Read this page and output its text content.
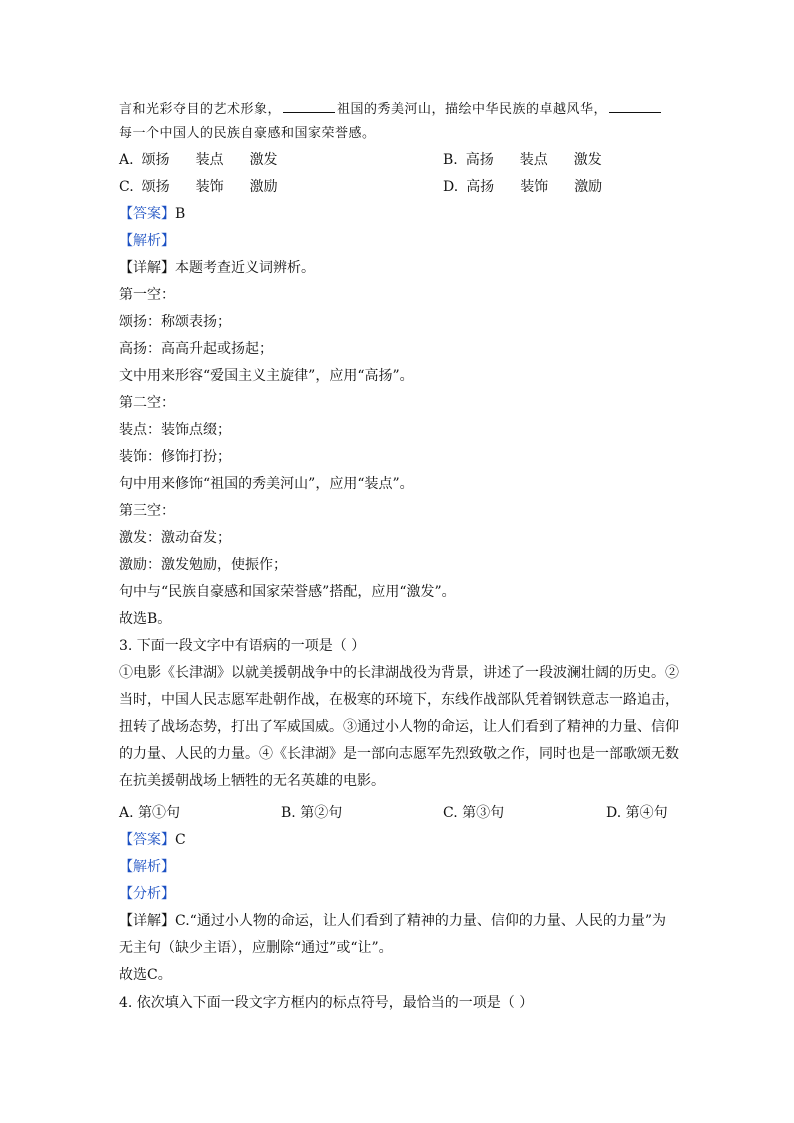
言和光彩夺目的艺术形象，	祖国的秀美河山，描绘中华民族的卓越风华，
每一个中国人的民族自豪感和国家荣誉感。
A. 颂扬 装点 激发	B. 高扬 装点 激发
C. 颂扬 装饰 激励	D. 高扬 装饰 激励
【答案】B
【解析】
【详解】本题考查近义词辨析。
第一空：
颂扬：称颂表扬；
高扬：高高升起或扬起；
文中用来形容“爱国主义主旋律”，应用“高扬”。
第二空：
装点：装饰点缀；
装饰：修饰打扮；
句中用来修饰“祖国的秀美河山”，应用“装点”。
第三空：
激发：激动奋发；
激励：激发勉励，使振作；
句中与“民族自豪感和国家荣誉感”搭配，应用“激发”。
故选B。
3. 下面一段文字中有语病的一项是（ ）
①电影《长津湖》以就美援朝战争中的长津湖战役为背景，讲述了一段波澜壮阔的历史。②
当时，中国人民志愿军赴朝作战，在极寒的环境下，东线作战部队凭着钢铁意志一路追击，
扭转了战场态势，打出了军威国威。③通过小人物的命运，让人们看到了精神的力量、信仰
的力量、人民的力量。④《长津湖》是一部向志愿军先烈致敬之作，同时也是一部歌颂无数
在抗美援朝战场上牺牲的无名英雄的电影。
A. 第①句	B. 第②句	C. 第③句	D. 第④句
【答案】C
【解析】
【分析】
【详解】C.“通过小人物的命运，让人们看到了精神的力量、信仰的力量、人民的力量”为
无主句（缺少主语），应删除“通过”或“让”。
故选C。
4. 依次填入下面一段文字方框内的标点符号，最恰当的一项是（ ）
